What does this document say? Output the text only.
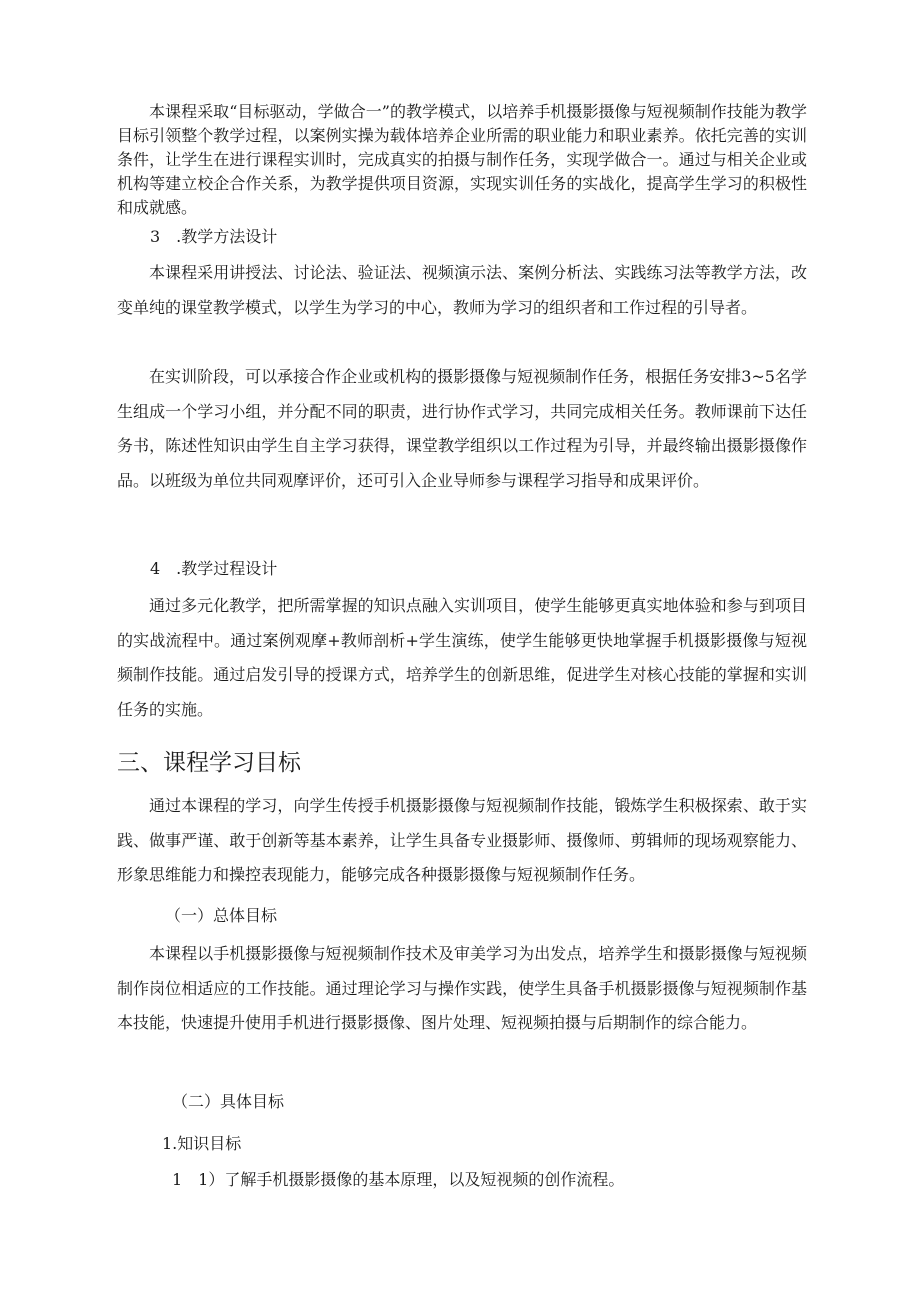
本课程采取“目标驱动，学做合一”的教学模式，以培养手机摄影摄像与短视频制作技能为教学目标引领整个教学过程，以案例实操为载体培养企业所需的职业能力和职业素养。依托完善的实训条件，让学生在进行课程实训时，完成真实的拍摄与制作任务，实现学做合一。通过与相关企业或机构等建立校企合作关系，为教学提供项目资源，实现实训任务的实战化，提高学生学习的积极性和成就感。

3　.教学方法设计

本课程采用讲授法、讨论法、验证法、视频演示法、案例分析法、实践练习法等教学方法，改变单纯的课堂教学模式，以学生为学习的中心，教师为学习的组织者和工作过程的引导者。

在实训阶段，可以承接合作企业或机构的摄影摄像与短视频制作任务，根据任务安排3~5名学生组成一个学习小组，并分配不同的职责，进行协作式学习，共同完成相关任务。教师课前下达任务书，陈述性知识由学生自主学习获得，课堂教学组织以工作过程为引导，并最终输出摄影摄像作品。以班级为单位共同观摩评价，还可引入企业导师参与课程学习指导和成果评价。

4　.教学过程设计

通过多元化教学，把所需掌握的知识点融入实训项目，使学生能够更真实地体验和参与到项目的实战流程中。通过案例观摩+教师剖析+学生演练，使学生能够更快地掌握手机摄影摄像与短视频制作技能。通过启发引导的授课方式，培养学生的创新思维，促进学生对核心技能的掌握和实训任务的实施。

三、课程学习目标

通过本课程的学习，向学生传授手机摄影摄像与短视频制作技能，锻炼学生积极探索、敢于实践、做事严谨、敢于创新等基本素养，让学生具备专业摄影师、摄像师、剪辑师的现场观察能力、形象思维能力和操控表现能力，能够完成各种摄影摄像与短视频制作任务。

（一）总体目标

本课程以手机摄影摄像与短视频制作技术及审美学习为出发点，培养学生和摄影摄像与短视频制作岗位相适应的工作技能。通过理论学习与操作实践，使学生具备手机摄影摄像与短视频制作基本技能，快速提升使用手机进行摄影摄像、图片处理、短视频拍摄与后期制作的综合能力。

（二）具体目标

1.知识目标

1　1）了解手机摄影摄像的基本原理，以及短视频的创作流程。
